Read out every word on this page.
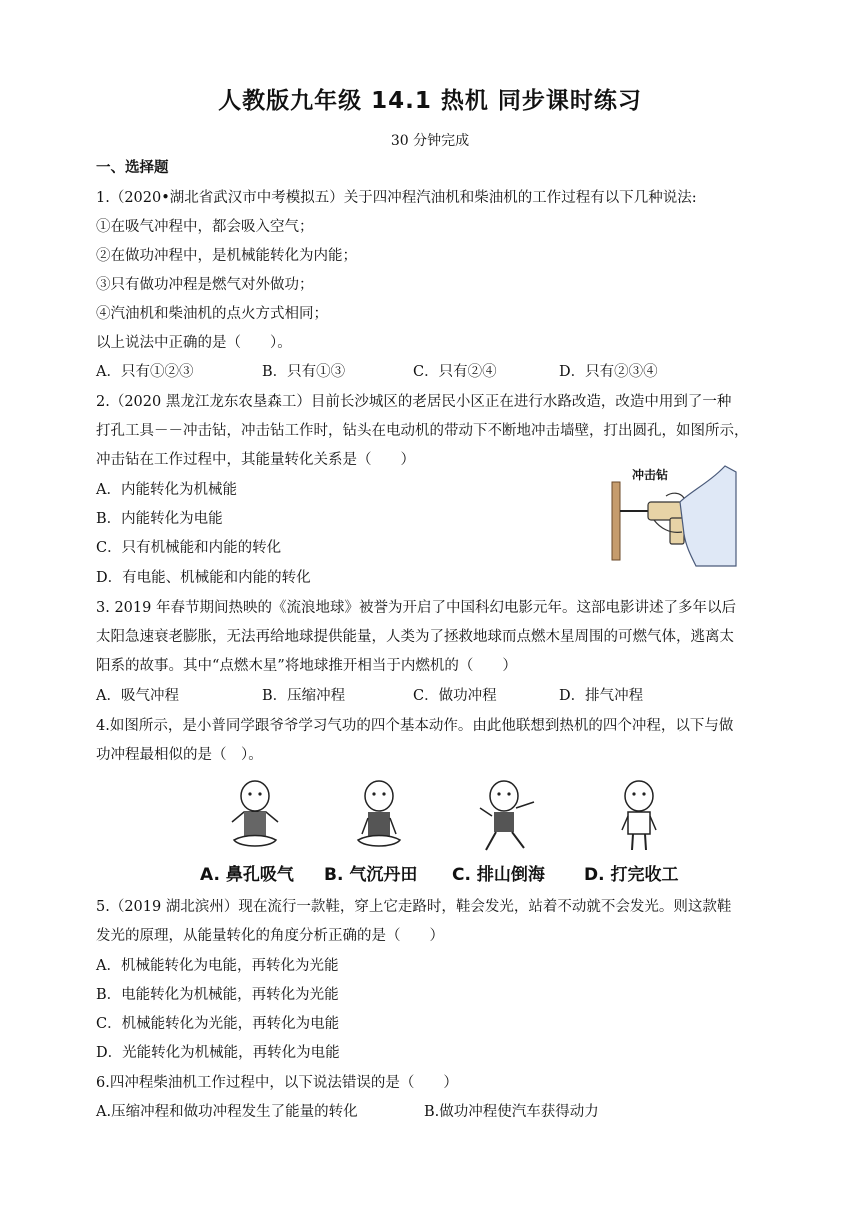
人教版九年级 14.1 热机 同步课时练习
30 分钟完成
一、选择题
1.（2020•湖北省武汉市中考模拟五）关于四冲程汽油机和柴油机的工作过程有以下几种说法:
①在吸气冲程中，都会吸入空气；
②在做功冲程中，是机械能转化为内能；
③只有做功冲程是燃气对外做功；
④汽油机和柴油机的点火方式相同；
以上说法中正确的是（　　）。
A．只有①②③	B．只有①③	C．只有②④	D．只有②③④
2.（2020 黑龙江龙东农垦森工）目前长沙城区的老居民小区正在进行水路改造，改造中用到了一种
打孔工具－－冲击钻，冲击钻工作时，钻头在电动机的带动下不断地冲击墙壁，打出圆孔，如图所示，
冲击钻在工作过程中，其能量转化关系是（　　）
A．内能转化为机械能
B．内能转化为电能
C．只有机械能和内能的转化
D．有电能、机械能和内能的转化
冲击钻
3. 2019 年春节期间热映的《流浪地球》被誉为开启了中国科幻电影元年。这部电影讲述了多年以后
太阳急速衰老膨胀，无法再给地球提供能量，人类为了拯救地球而点燃木星周围的可燃气体，逃离太
阳系的故事。其中“点燃木星”将地球推开相当于内燃机的（　　）
A．吸气冲程	B．压缩冲程	C．做功冲程	D．排气冲程
4.如图所示，是小普同学跟爷爷学习气功的四个基本动作。由此他联想到热机的四个冲程，以下与做
功冲程最相似的是（　）。
A. 鼻孔吸气	B. 气沉丹田	C. 排山倒海	D. 打完收工
5.（2019 湖北滨州）现在流行一款鞋，穿上它走路时，鞋会发光，站着不动就不会发光。则这款鞋
发光的原理，从能量转化的角度分析正确的是（　　）
A．机械能转化为电能，再转化为光能
B．电能转化为机械能，再转化为光能
C．机械能转化为光能，再转化为电能
D．光能转化为机械能，再转化为电能
6.四冲程柴油机工作过程中，以下说法错误的是（　　）
A.压缩冲程和做功冲程发生了能量的转化	B.做功冲程使汽车获得动力
